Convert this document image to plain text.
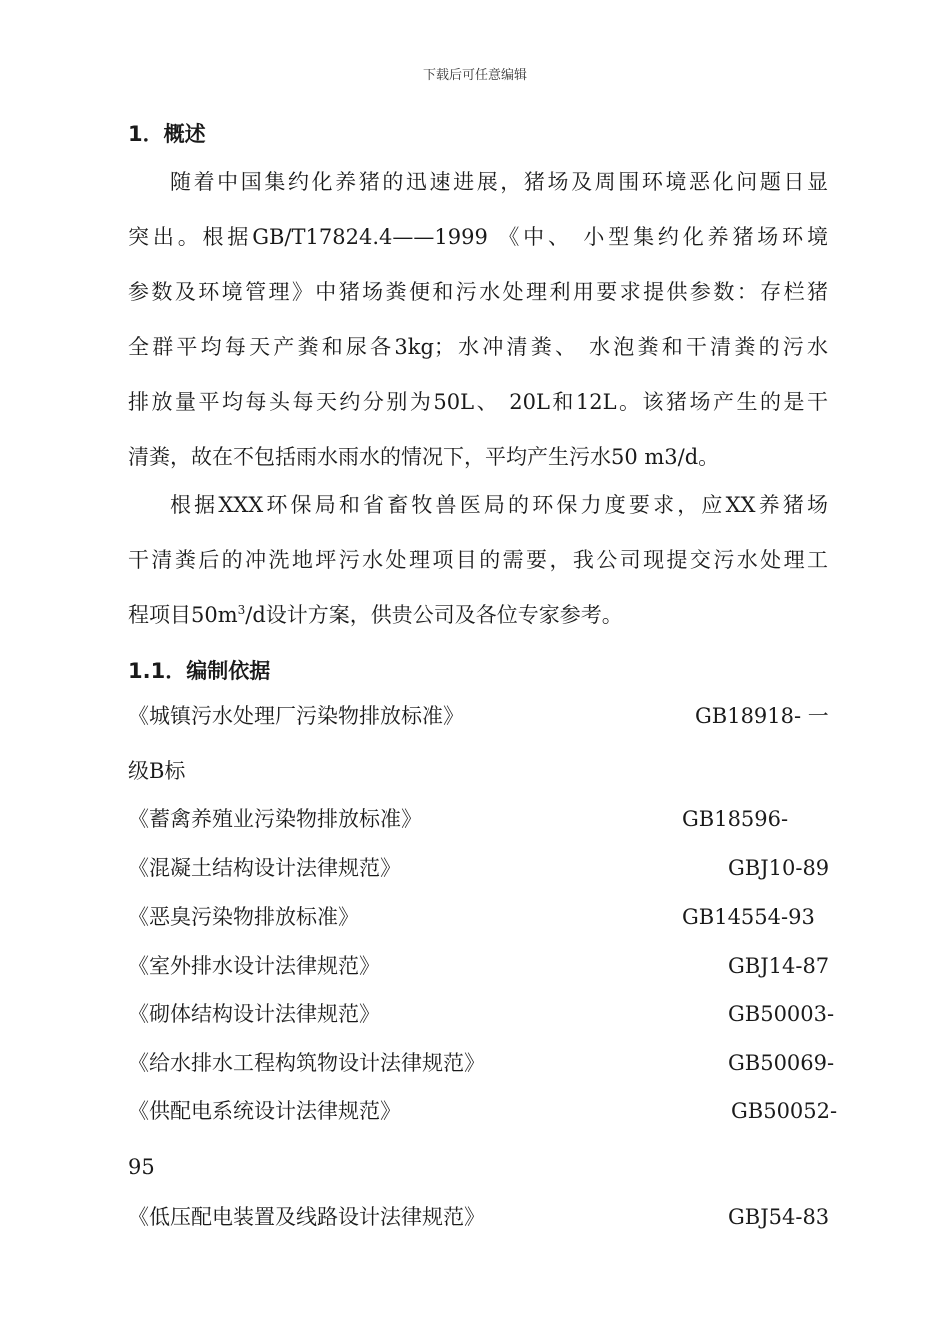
下载后可任意编辑
1．概述
随着中国集约化养猪的迅速进展，猪场及周围环境恶化问题日显
突出。根据GB/T17824.4——1999 《中、 小型集约化养猪场环境
参数及环境管理》中猪场粪便和污水处理利用要求提供参数：存栏猪
全群平均每天产粪和尿各3kg；水冲清粪、 水泡粪和干清粪的污水
排放量平均每头每天约分别为50L、 20L和12L。该猪场产生的是干
清粪，故在不包括雨水雨水的情况下，平均产生污水50 m3/d。
根据XXX环保局和省畜牧兽医局的环保力度要求，应XX养猪场
干清粪后的冲洗地坪污水处理项目的需要，我公司现提交污水处理工
程项目$50m^3/d$设计方案，供贵公司及各位专家参考。
1.1．编制依据
《城镇污水处理厂污染物排放标准》	GB18918- 一
级B标
《蓄禽养殖业污染物排放标准》	GB18596-
《混凝土结构设计法律规范》	GBJ10-89
《恶臭污染物排放标准》	GB14554-93
《室外排水设计法律规范》	GBJ14-87
《砌体结构设计法律规范》	GB50003-
《给水排水工程构筑物设计法律规范》	GB50069-
《供配电系统设计法律规范》	GB50052-
95
《低压配电装置及线路设计法律规范》	GBJ54-83
